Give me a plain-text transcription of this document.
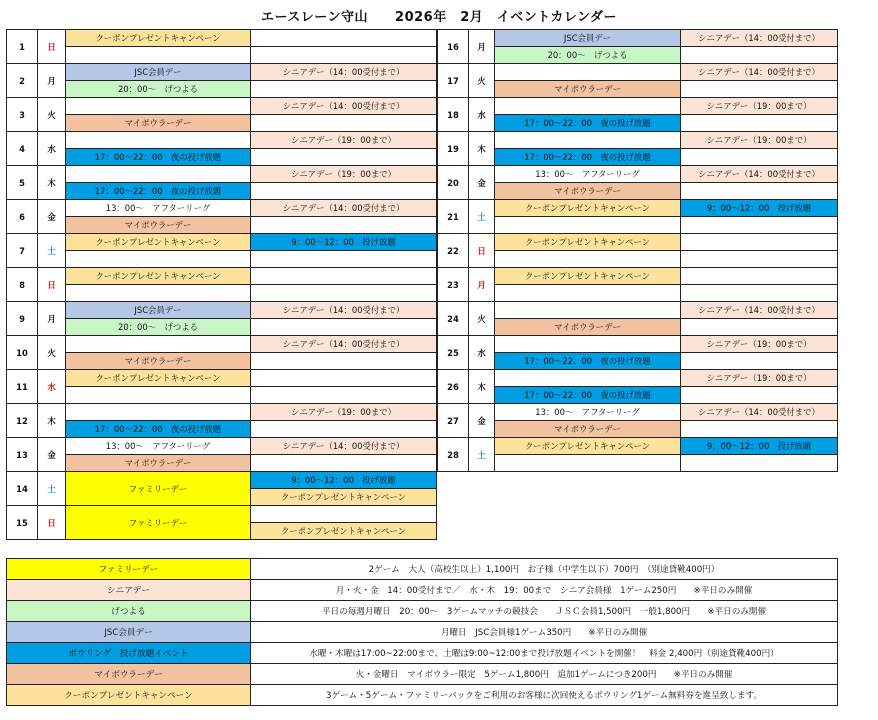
エースレーン守山　　2026年　2月　イベントカレンダー
1	日	クーポンプレゼントキャンペーン	

2	月	JSC会員デー	シニアデー（14：00受付まで）
		20：00～　げつよる	
3	火		シニアデー（14：00受付まで）
		マイボウラーデー	
4	水		シニアデー（19：00まで）
		17：00～22：00　夜の投げ放題	
5	木		シニアデー（19：00まで）
		17：00～22：00　夜の投げ放題	
6	金	13：00～　アフターリーグ	シニアデー（14：00受付まで）
		マイボウラーデー	
7	土	クーポンプレゼントキャンペーン	9：00～12：00　投げ放題

8	日	クーポンプレゼントキャンペーン	

9	月	JSC会員デー	シニアデー（14：00受付まで）
		20：00～　げつよる	
10	火		シニアデー（14：00受付まで）
		マイボウラーデー	
11	水	クーポンプレゼントキャンペーン	

12	木		シニアデー（19：00まで）
		17：00～22：00　夜の投げ放題	
13	金	13：00～　アフターリーグ	シニアデー（14：00受付まで）
		マイボウラーデー	
14	土	ファミリーデー	9：00～12：00　投げ放題
			クーポンプレゼントキャンペーン
15	日	ファミリーデー	
			クーポンプレゼントキャンペーン
16	月	JSC会員デー	シニアデー（14：00受付まで）
		20：00～　げつよる	
17	火		シニアデー（14：00受付まで）
		マイボウラーデー	
18	水		シニアデー（19：00まで）
		17：00～22：00　夜の投げ放題	
19	木		シニアデー（19：00まで）
		17：00～22：00　夜の投げ放題	
20	金	13：00～　アフターリーグ	シニアデー（14：00受付まで）
		マイボウラーデー	
21	土	クーポンプレゼントキャンペーン	9：00～12：00　投げ放題

22	日	クーポンプレゼントキャンペーン	

23	月	クーポンプレゼントキャンペーン	

24	火		シニアデー（14：00受付まで）
		マイボウラーデー	
25	水		シニアデー（19：00まで）
		17：00～22：00　夜の投げ放題	
26	木		シニアデー（19：00まで）
		17：00～22：00　夜の投げ放題	
27	金	13：00～　アフターリーグ	シニアデー（14：00受付まで）
		マイボウラーデー	
28	土	クーポンプレゼントキャンペーン	9：00～12：00　投げ放題

ファミリーデー	2ゲーム　大人（高校生以上）1,100円　お子様（中学生以下）700円　（別途貸靴400円）
シニアデー	月・火・金　14：00受付まで／　水・木　19：00まで　シニア会員様　1ゲーム250円　　※平日のみ開催
げつよる	平日の毎週月曜日　20：00～　3ゲームマッチの競技会　　ＪＳＣ会員1,500円　一般1,800円　　※平日のみ開催
JSC会員デー	月曜日　JSC会員様1ゲーム350円　　※平日のみ開催
ボウリング　投げ放題イベント	水曜・木曜は17:00~22:00まで、土曜は9:00~12:00まで投げ放題イベントを開催！　料金 2,400円（別途貸靴400円）
マイボウラーデー	火・金曜日　マイボウラー限定　5ゲーム1,800円　追加1ゲームにつき200円　　※平日のみ開催
クーポンプレゼントキャンペーン	3ゲーム・5ゲーム・ファミリーパックをご利用のお客様に次回使えるボウリング1ゲーム無料券を進呈致します。
